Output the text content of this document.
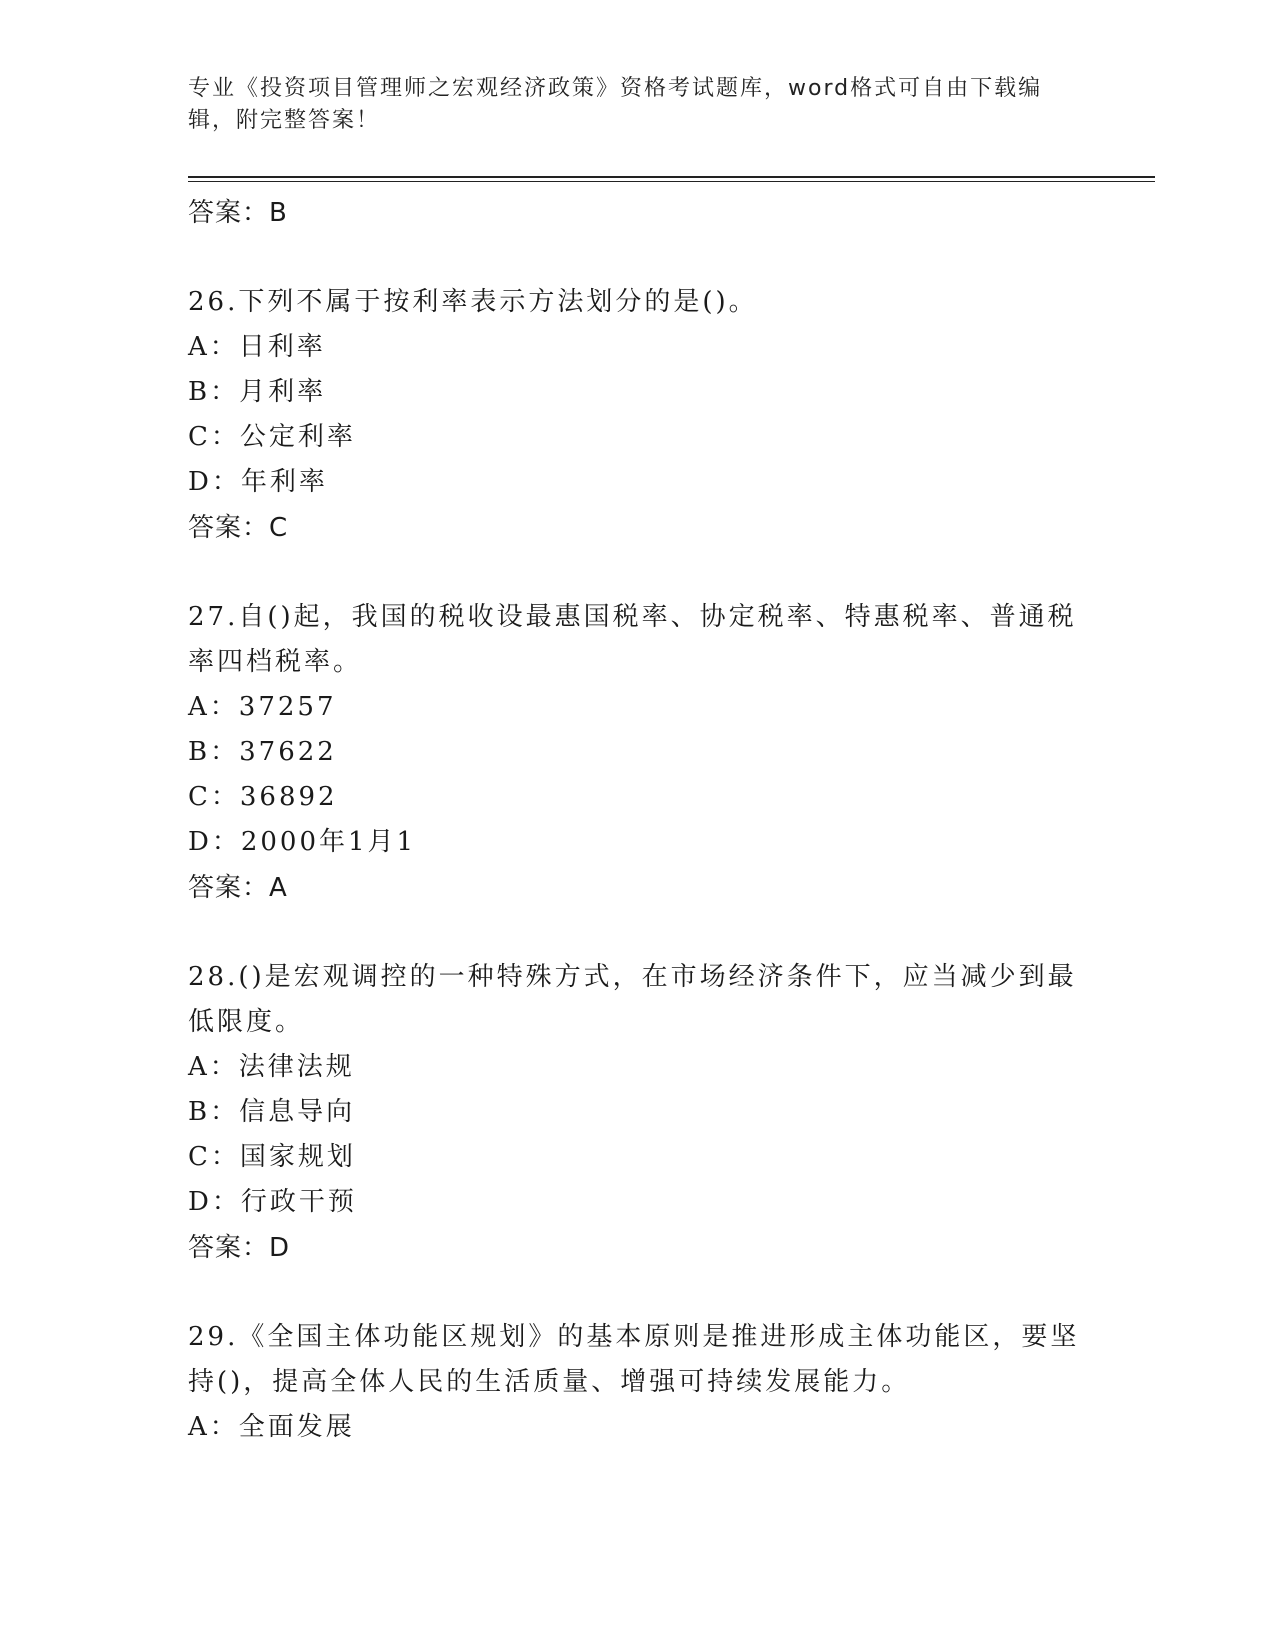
专业《投资项目管理师之宏观经济政策》资格考试题库，word格式可自由下载编
辑，附完整答案！
答案：B
26.下列不属于按利率表示方法划分的是()。
A：日利率
B：月利率
C：公定利率
D：年利率
答案：C
27.自()起，我国的税收设最惠国税率、协定税率、特惠税率、普通税
率四档税率。
A：37257
B：37622
C：36892
D：2000年1月1
答案：A
28.()是宏观调控的一种特殊方式，在市场经济条件下，应当减少到最
低限度。
A：法律法规
B：信息导向
C：国家规划
D：行政干预
答案：D
29.《全国主体功能区规划》的基本原则是推进形成主体功能区，要坚
持()，提高全体人民的生活质量、增强可持续发展能力。
A：全面发展
